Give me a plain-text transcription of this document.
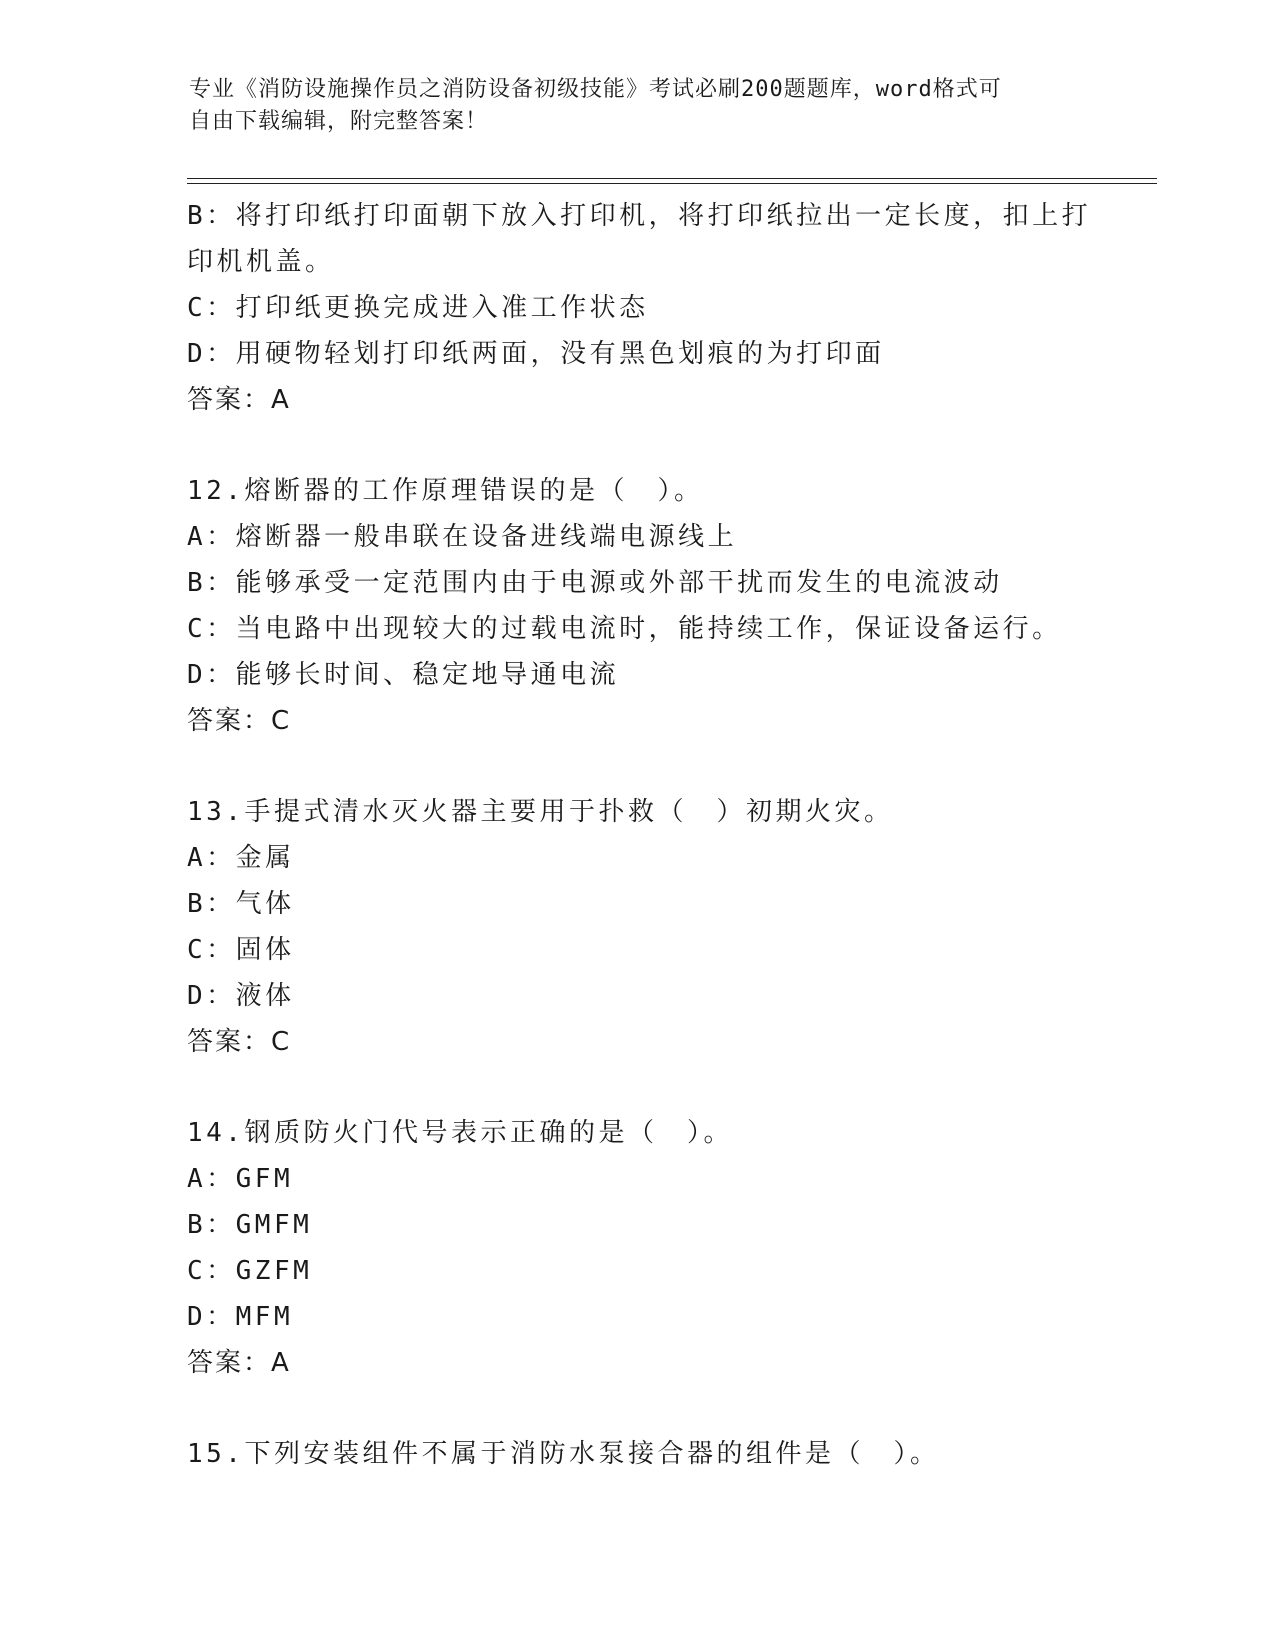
专业《消防设施操作员之消防设备初级技能》考试必刷200题题库，word格式可
自由下载编辑，附完整答案！
B：将打印纸打印面朝下放入打印机，将打印纸拉出一定长度，扣上打
印机机盖。
C：打印纸更换完成进入准工作状态
D：用硬物轻划打印纸两面，没有黑色划痕的为打印面
答案：A
12.熔断器的工作原理错误的是（　）。
A：熔断器一般串联在设备进线端电源线上
B：能够承受一定范围内由于电源或外部干扰而发生的电流波动
C：当电路中出现较大的过载电流时，能持续工作，保证设备运行。
D：能够长时间、稳定地导通电流
答案：C
13.手提式清水灭火器主要用于扑救（　）初期火灾。
A：金属
B：气体
C：固体
D：液体
答案：C
14.钢质防火门代号表示正确的是（　）。
A：GFM
B：GMFM
C：GZFM
D：MFM
答案：A
15.下列安装组件不属于消防水泵接合器的组件是（　）。
